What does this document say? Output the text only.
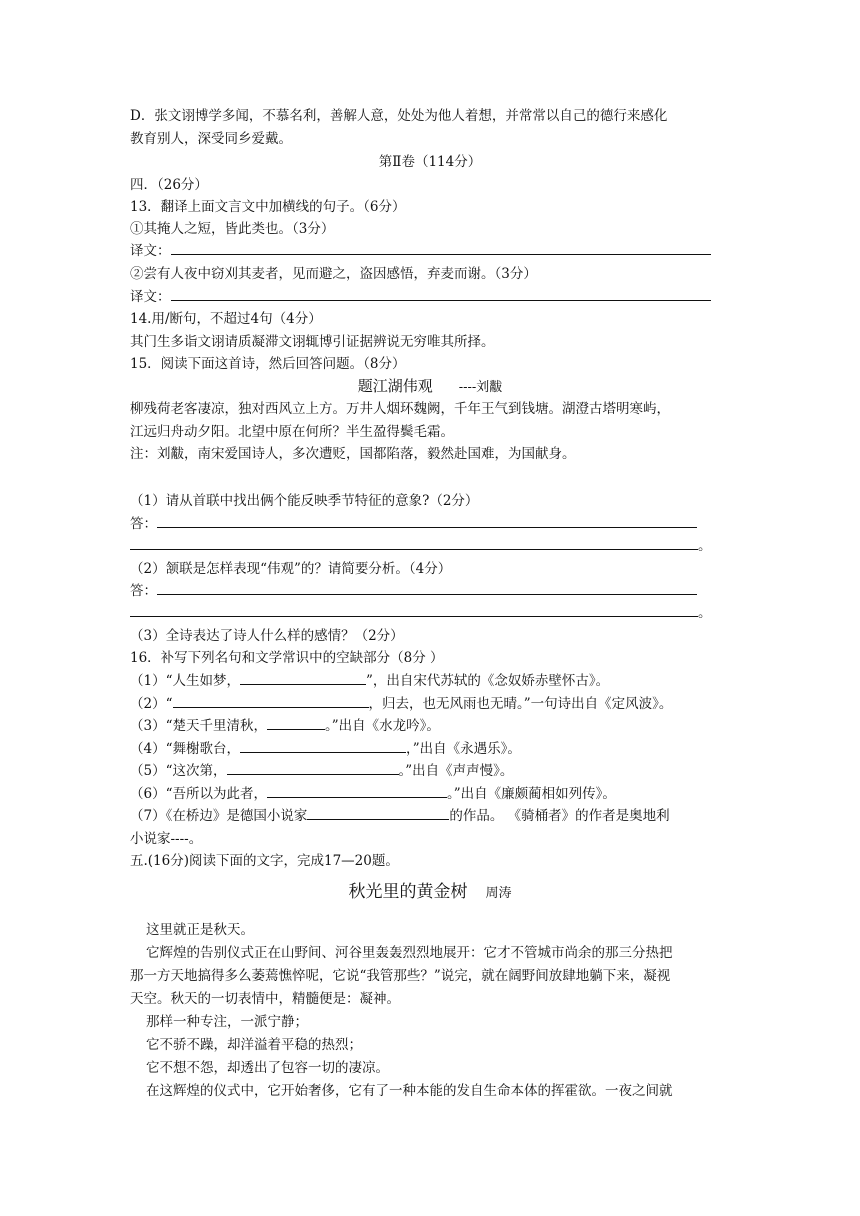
D．张文诩博学多闻，不慕名利，善解人意，处处为他人着想，并常常以自己的德行来感化
教育别人，深受同乡爱戴。
第Ⅱ卷（114分）
四．（26分）
13．翻译上面文言文中加横线的句子。（6分）
①其掩人之短，皆此类也。（3分）
译文：
②尝有人夜中窃刈其麦者，见而避之，盗因感悟，弃麦而谢。（3分）
译文：
14.用/断句，不超过4句（4分）
其门生多诣文诩请质凝滞文诩辄博引证据辨说无穷唯其所择。
15．阅读下面这首诗，然后回答问题。（8分）
题江湖伟观 ----刘黻
柳残荷老客凄凉，独对西风立上方。万井人烟环魏阙，千年王气到钱塘。湖澄古塔明寒屿，
江远归舟动夕阳。北望中原在何所？半生盈得鬓毛霜。
注：刘黻，南宋爱国诗人，多次遭贬，国都陷落，毅然赴国难，为国献身。
（1）请从首联中找出俩个能反映季节特征的意象?（2分）
答：
。
（2）颔联是怎样表现“伟观”的？请简要分析。（4分）
答：
。
（3）全诗表达了诗人什么样的感情？（2分）
16．补写下列名句和文学常识中的空缺部分（8分 ）
（1）“人生如梦，	”，出自宋代苏轼的《念奴娇赤壁怀古》。
（2）“	，归去，也无风雨也无晴。”一句诗出自《定风波》。
（3）“楚天千里清秋，	。”出自《水龙吟》。
（4）“舞榭歌台，	，”出自《永遇乐》。
（5）“这次第，	。”出自《声声慢》。
（6）“吾所以为此者，	。”出自《廉颇蔺相如列传》。
（7）《在桥边》是德国小说家	的作品。 《骑桶者》的作者是奥地利
小说家----。
五.(16分)阅读下面的文字，完成17—20题。
秋光里的黄金树 周涛
这里就正是秋天。
它辉煌的告别仪式正在山野间、河谷里轰轰烈烈地展开：它才不管城市尚余的那三分热把
那一方天地搞得多么萎蔫憔悴呢，它说“我管那些？”说完，就在阔野间放肆地躺下来，凝视
天空。秋天的一切表情中，精髓便是：凝神。
那样一种专注，一派宁静；
它不骄不躁，却洋溢着平稳的热烈；
它不想不怨，却透出了包容一切的凄凉。
在这辉煌的仪式中，它开始奢侈，它有了一种本能的发自生命本体的挥霍欲。一夜之间就
